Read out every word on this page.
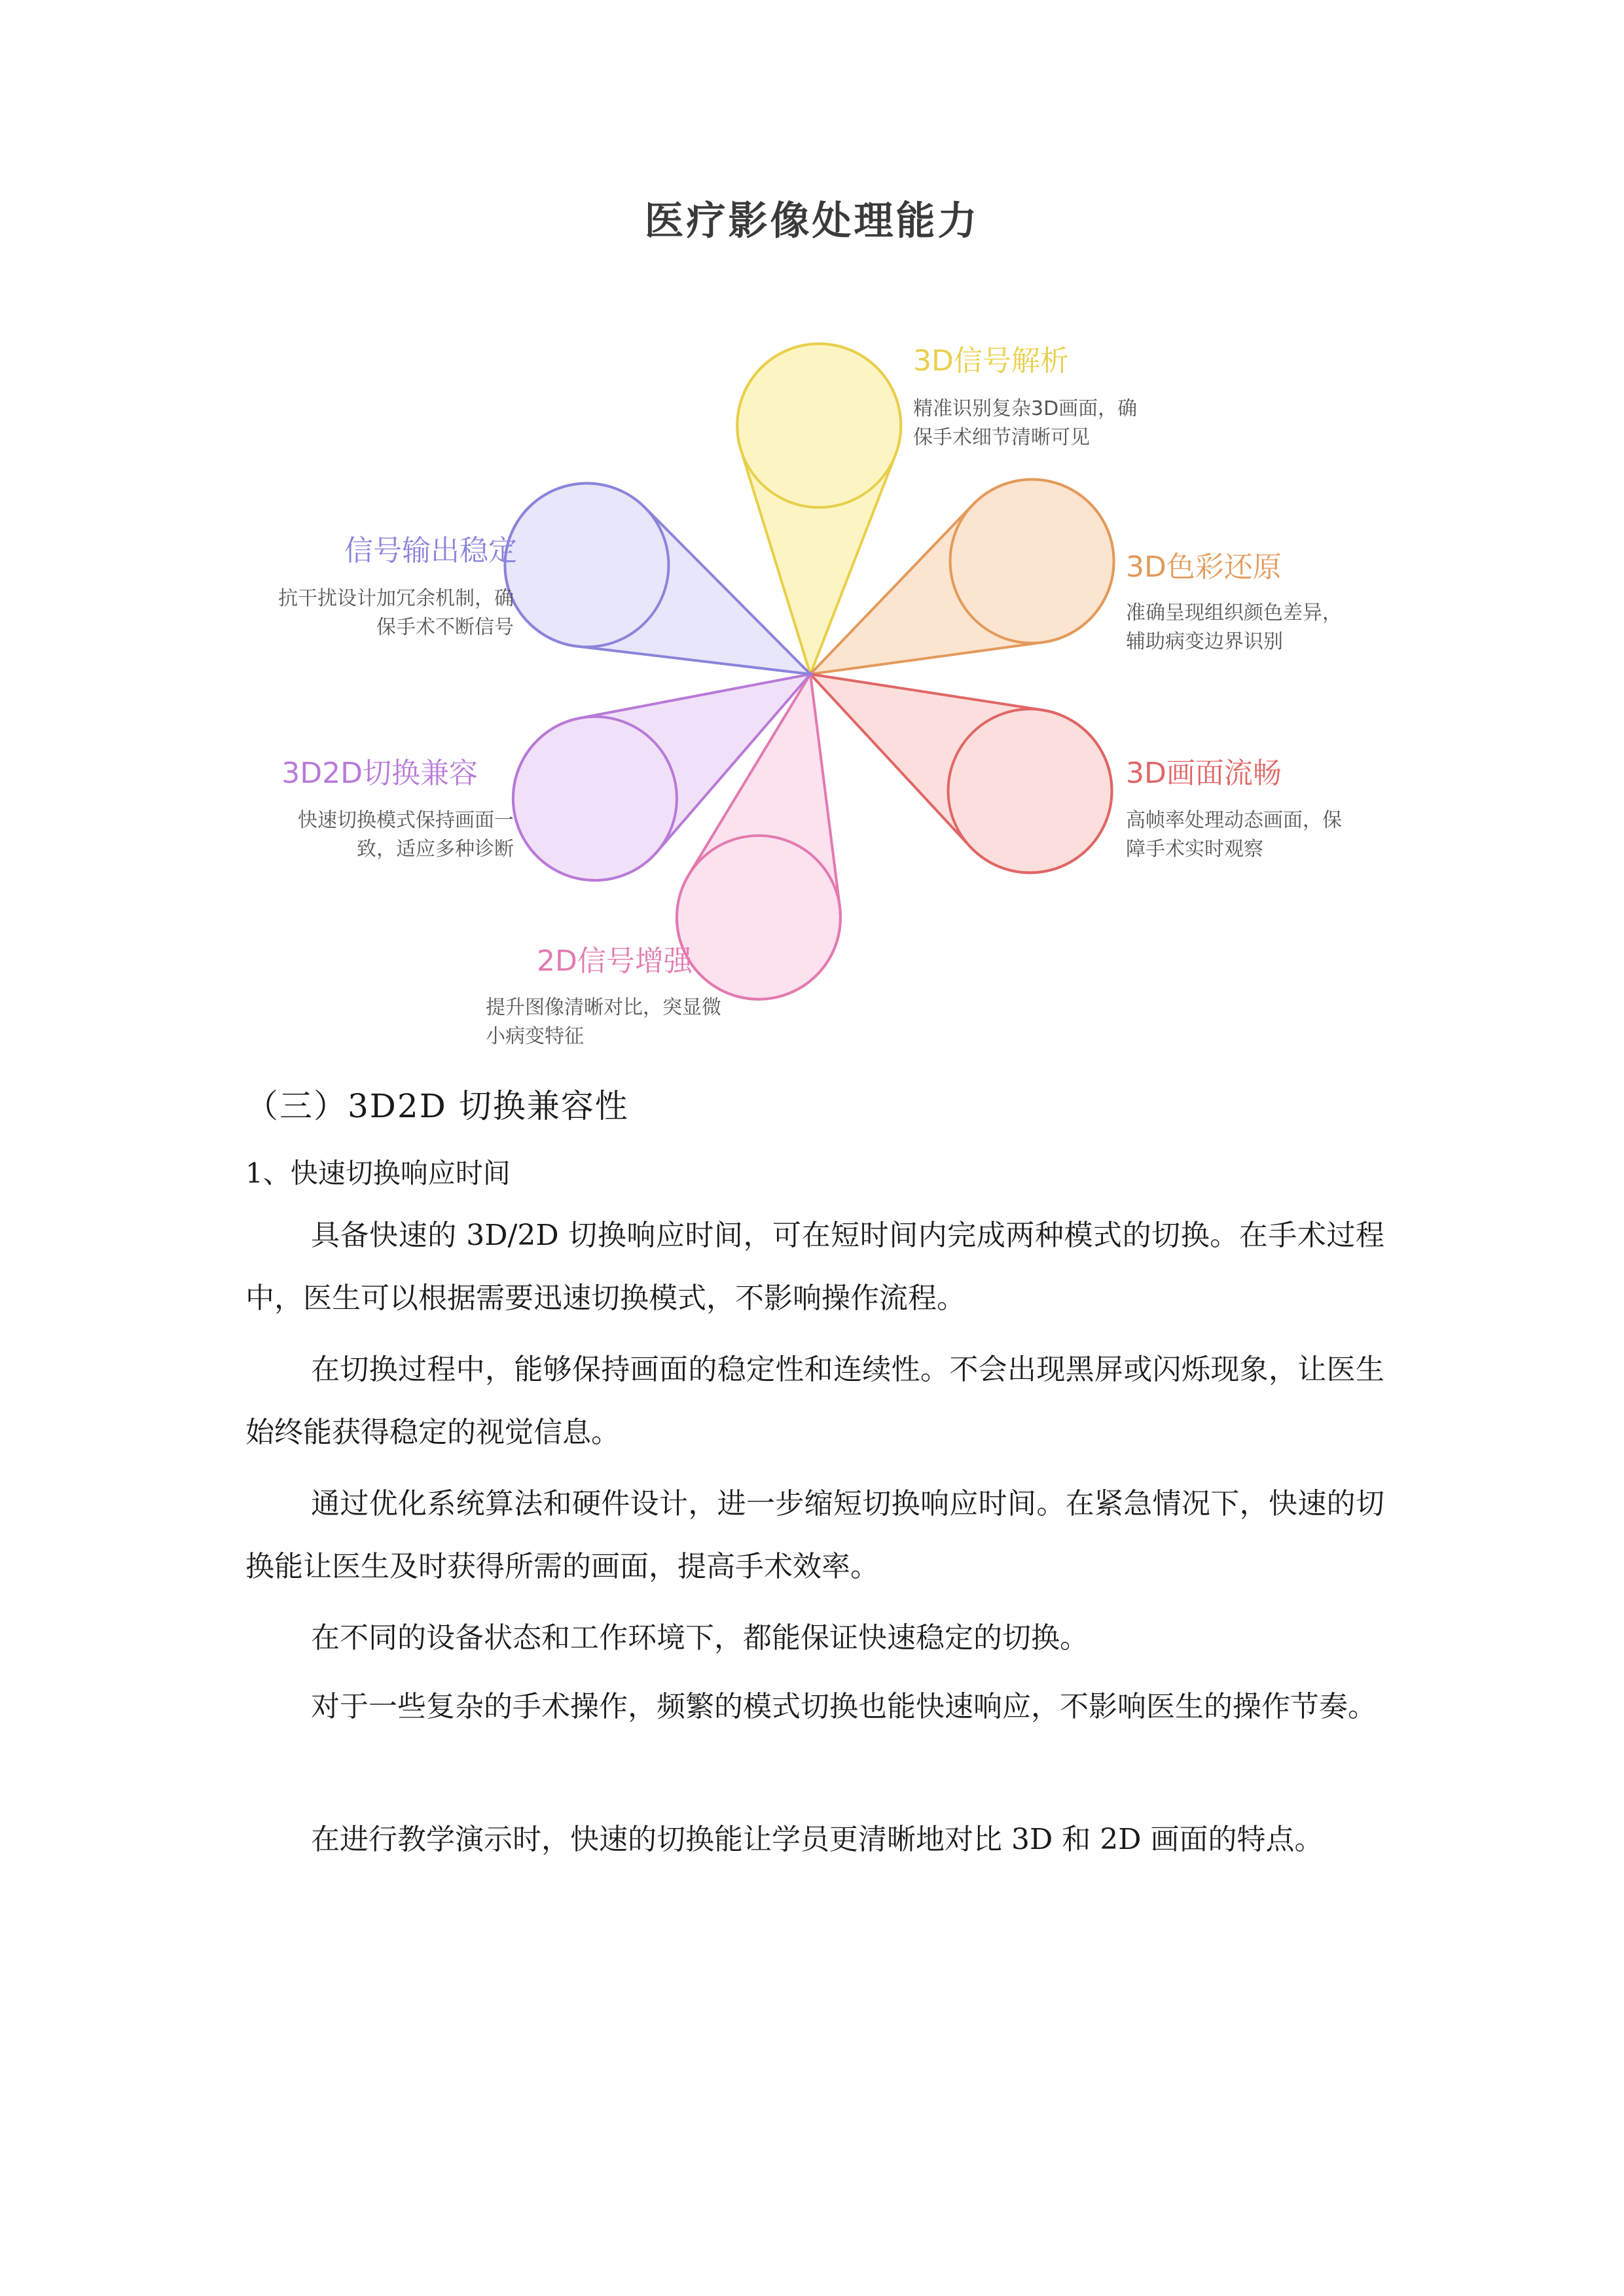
医疗影像处理能力
3D信号解析
精准识别复杂3D画面，确保手术细节清晰可见
3D色彩还原
准确呈现组织颜色差异，辅助病变边界识别
3D画面流畅
高帧率处理动态画面，保障手术实时观察
2D信号增强
提升图像清晰对比，突显微小病变特征
3D2D切换兼容
快速切换模式保持画面一致，适应多种诊断
信号输出稳定
抗干扰设计加冗余机制，确保手术不断信号
（三）3D2D 切换兼容性
1、快速切换响应时间

具备快速的 3D/2D 切换响应时间，可在短时间内完成两种模式的切换。在手术过程中，医生可以根据需要迅速切换模式，不影响操作流程。

在切换过程中，能够保持画面的稳定性和连续性。不会出现黑屏或闪烁现象，让医生始终能获得稳定的视觉信息。

通过优化系统算法和硬件设计，进一步缩短切换响应时间。在紧急情况下，快速的切换能让医生及时获得所需的画面，提高手术效率。

在不同的设备状态和工作环境下，都能保证快速稳定的切换。

对于一些复杂的手术操作，频繁的模式切换也能快速响应，不影响医生的操作节奏。

在进行教学演示时，快速的切换能让学员更清晰地对比 3D 和 2D 画面的特点。
